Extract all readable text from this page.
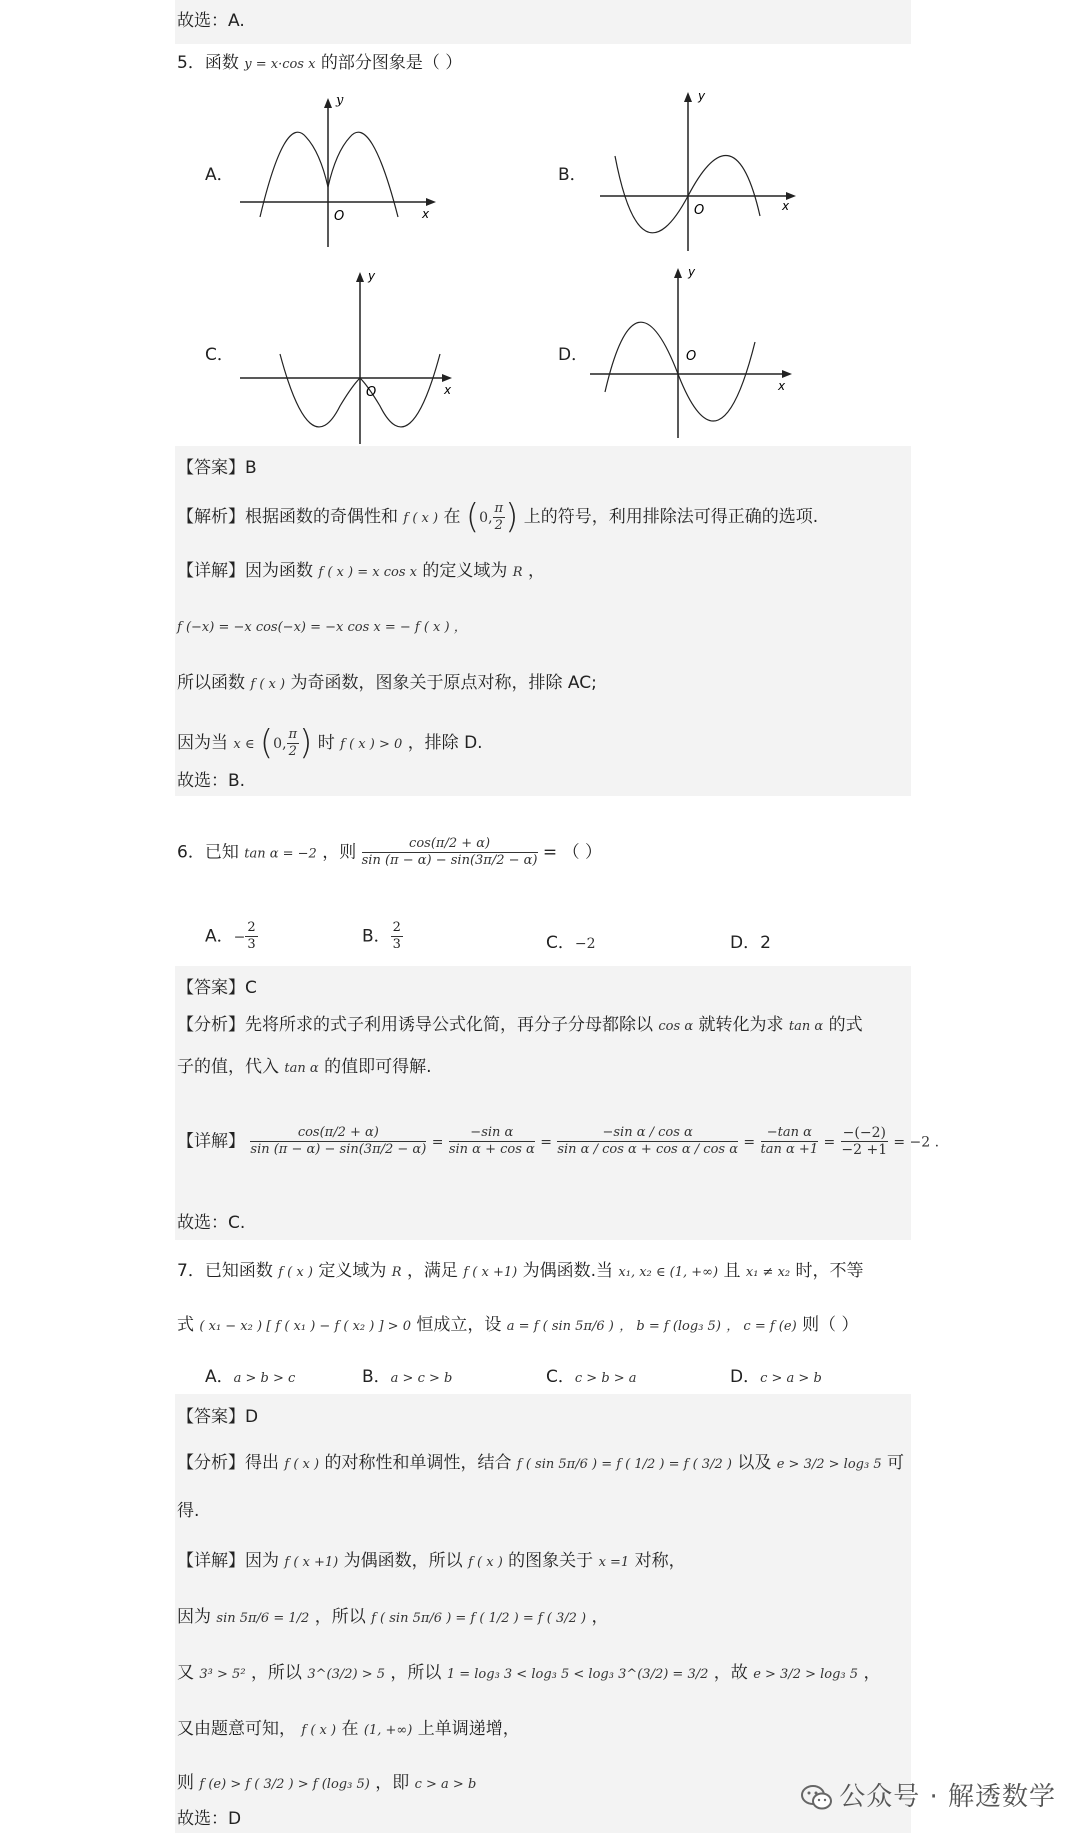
故选：A.
5．函数 y = x·cos x 的部分图象是（ ）
A．	B．
C．	D．
y
x
O
y
x
O
y
x
O
y
x
O
【答案】B
【解析】根据函数的奇偶性和 f ( x ) 在 (0, $\frac{\pi}{2}$ ) 上的符号，利用排除法可得正确的选项.
【详解】因为函数 f ( x ) = x cos x 的定义域为 R ，
f (−x) = −x cos(−x) = −x cos x = − f ( x ) ，
所以函数 f ( x ) 为奇函数，图象关于原点对称，排除 AC;
因为当 x ∈ (0, $\frac{\pi}{2}$ ) 时 f ( x ) > 0 ，排除 D.
故选：B.
6．已知 tan α = −2 ，则 $\frac{\cos(\pi/2 + \alpha)}{\sin (\pi - \alpha) - \sin(3\pi/2 - \alpha)}$ = （ ）
A．− $\frac{2}{3}$	B． $\frac{2}{3}$	C．−2	D．2
【答案】C
【分析】先将所求的式子利用诱导公式化简，再分子分母都除以 cos α 就转化为求 tan α 的式
子的值，代入 tan α 的值即可得解.
【详解】 $\frac{\cos(\pi/2 + \alpha)}{\sin (\pi - \alpha) - \sin(3\pi/2 - \alpha)} = \frac{\text{−sin α}}{\text{sin α + cos α}} = \frac{\text{−sin α / cos α}}{\text{sin α / cos α + cos α / cos α}} = \frac{\text{−tan α}}{\text{tan α +1}} = \frac{-(-2)}{-2 +1} = -2$ .
故选：C.
7．已知函数 f ( x ) 定义域为 R ，满足 f ( x +1) 为偶函数.当 x₁, x₂ ∈ (1, +∞) 且 x₁ ≠ x₂ 时，不等
式 ( x₁ − x₂ ) [ f ( x₁ ) − f ( x₂ ) ] > 0 恒成立，设 a = f ( sin 5π/6 ) ， b = f (log₃ 5) ， c = f (e) 则（ ）
A．a > b > c	B．a > c > b	C．c > b > a	D．c > a > b
【答案】D
【分析】得出 f ( x ) 的对称性和单调性，结合 f ( sin 5π/6 ) = f ( 1/2 ) = f ( 3/2 ) 以及 e > 3/2 > log₃ 5 可
得.
【详解】因为 f ( x +1) 为偶函数，所以 f ( x ) 的图象关于 x =1 对称，
因为 sin 5π/6 = 1/2 ，所以 f ( sin 5π/6 ) = f ( 1/2 ) = f ( 3/2 ) ，
又 3³ > 5² ，所以 3^(3/2) > 5 ，所以 1 = log₃ 3 < log₃ 5 < log₃ 3^(3/2) = 3/2 ，故 e > 3/2 > log₃ 5 ，
又由题意可知， f ( x ) 在 (1, +∞) 上单调递增，
则 f (e) > f ( 3/2 ) > f (log₃ 5) ，即 c > a > b
故选：D
公众号 · 解透数学
